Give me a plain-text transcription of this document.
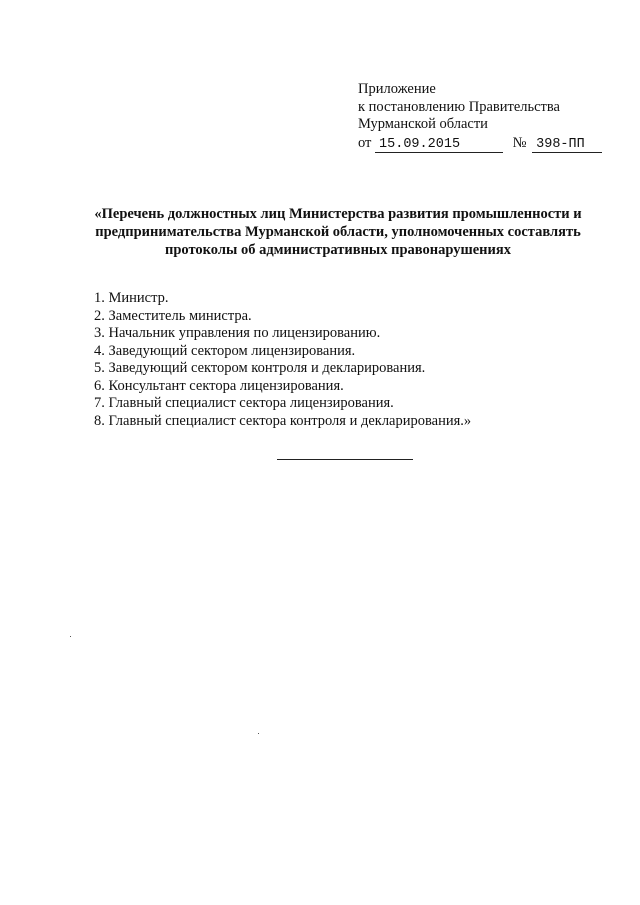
Приложение
к постановлению Правительства
Мурманской области
от 15.09.2015	№ 398-ПП
«Перечень должностных лиц Министерства развития промышленности и предпринимательства Мурманской области, уполномоченных составлять протоколы об административных правонарушениях
1. Министр.
2. Заместитель министра.
3. Начальник управления по лицензированию.
4. Заведующий сектором лицензирования.
5. Заведующий сектором контроля и декларирования.
6. Консультант сектора лицензирования.
7. Главный специалист сектора лицензирования.
8. Главный специалист сектора контроля и декларирования.»
